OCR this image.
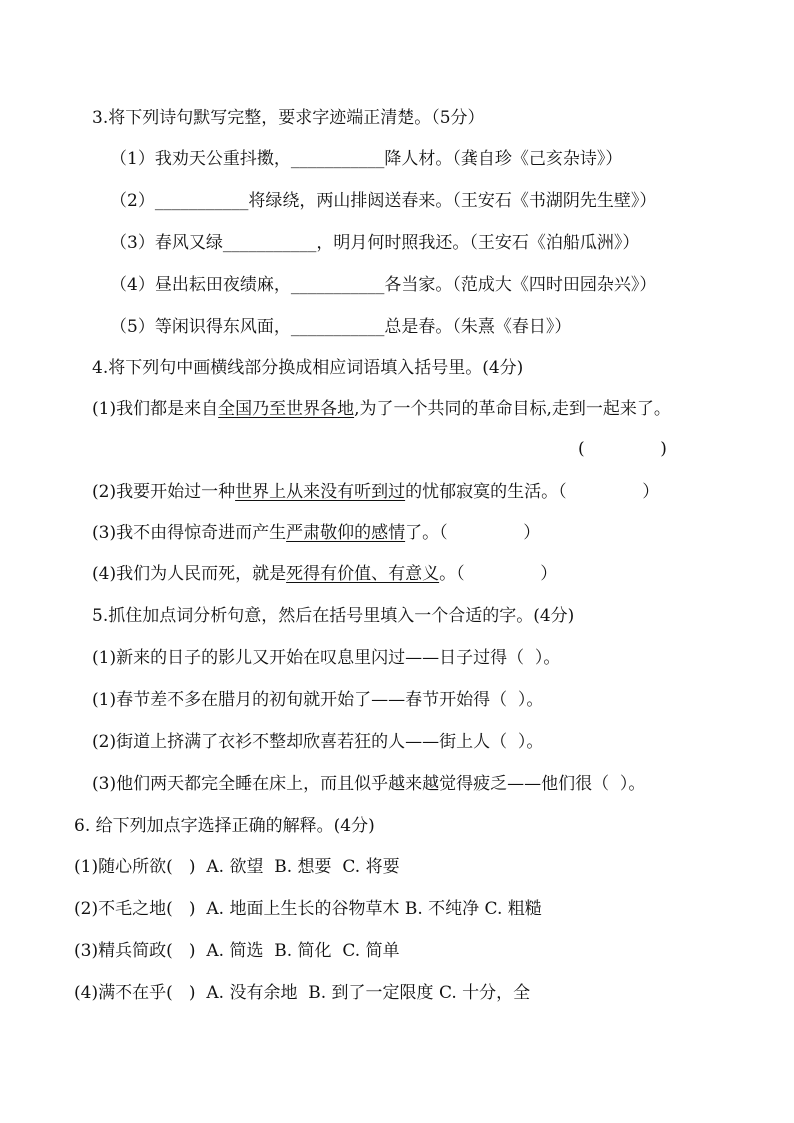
3.将下列诗句默写完整，要求字迹端正清楚。（5分）
（1）我劝天公重抖擞，___________降人材。（龚自珍《己亥杂诗》）
（2）___________将绿绕，两山排闼送春来。（王安石《书湖阴先生壁》）
（3）春风又绿___________，明月何时照我还。（王安石《泊船瓜洲》）
（4）昼出耘田夜绩麻，___________各当家。（范成大《四时田园杂兴》）
（5）等闲识得东风面，___________总是春。（朱熹《春日》）
4.将下列句中画横线部分换成相应词语填入括号里。(4分)
(1)我们都是来自全国乃至世界各地,为了一个共同的革命目标,走到一起来了。
(              )
(2)我要开始过一种世界上从来没有听到过的忧郁寂寞的生活。（              ）
(3)我不由得惊奇进而产生严肃敬仰的感情了。（              ）
(4)我们为人民而死，就是死得有价值、有意义。（              ）
5.抓住加点词分析句意，然后在括号里填入一个合适的字。(4分)
(1)新来的日子的影儿又开始在叹息里闪过——日子过得（  ）。
(1)春节差不多在腊月的初旬就开始了——春节开始得（  ）。
(2)街道上挤满了衣衫不整却欣喜若狂的人——街上人（  ）。
(3)他们两天都完全睡在床上，而且似乎越来越觉得疲乏——他们很（  ）。
6. 给下列加点字选择正确的解释。(4分)
(1)随心所欲(   )  A. 欲望  B. 想要  C. 将要
(2)不毛之地(   )  A. 地面上生长的谷物草木 B. 不纯净 C. 粗糙
(3)精兵简政(   )  A. 简选  B. 简化  C. 简单
(4)满不在乎(   )  A. 没有余地  B. 到了一定限度 C. 十分，全
